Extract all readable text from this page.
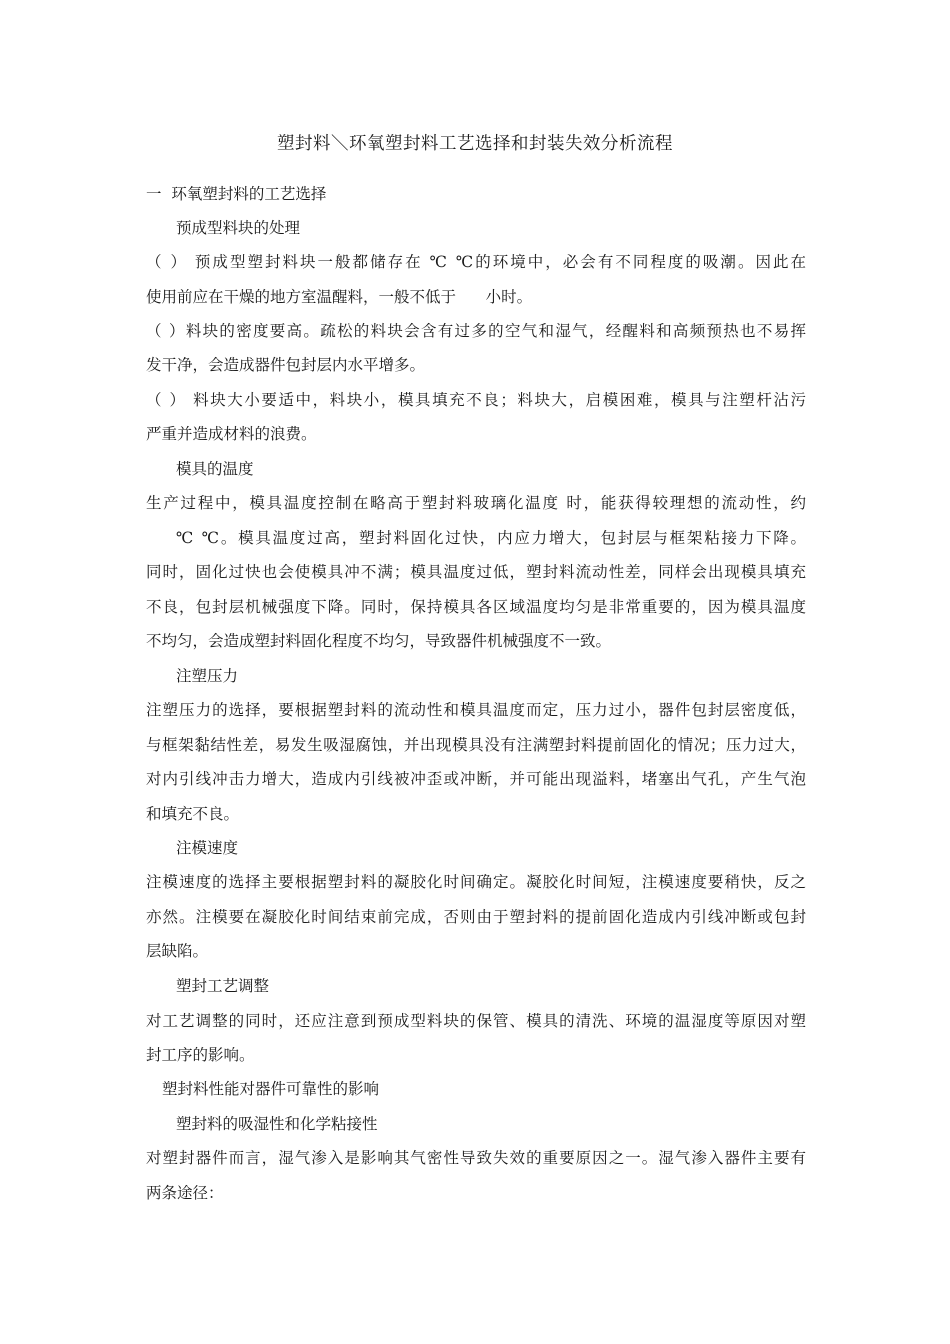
塑封料＼环氧塑封料工艺选择和封装失效分析流程
一  环氧塑封料的工艺选择
预成型料块的处理
（ ） 预成型塑封料块一般都储存在 ℃ ℃的环境中，必会有不同程度的吸潮。因此在
使用前应在干燥的地方室温醒料，一般不低于      小时。
（ ）料块的密度要高。疏松的料块会含有过多的空气和湿气，经醒料和高频预热也不易挥
发干净，会造成器件包封层内水平增多。
（ ） 料块大小要适中，料块小，模具填充不良；料块大，启模困难，模具与注塑杆沾污
严重并造成材料的浪费。
模具的温度
生产过程中，模具温度控制在略高于塑封料玻璃化温度 时，能获得较理想的流动性，约
℃ ℃。模具温度过高，塑封料固化过快，内应力增大，包封层与框架粘接力下降。
同时，固化过快也会使模具冲不满；模具温度过低，塑封料流动性差，同样会出现模具填充
不良，包封层机械强度下降。同时，保持模具各区域温度均匀是非常重要的，因为模具温度
不均匀，会造成塑封料固化程度不均匀，导致器件机械强度不一致。
注塑压力
注塑压力的选择，要根据塑封料的流动性和模具温度而定，压力过小，器件包封层密度低，
与框架黏结性差，易发生吸湿腐蚀，并出现模具没有注满塑封料提前固化的情况；压力过大，
对内引线冲击力增大，造成内引线被冲歪或冲断，并可能出现溢料，堵塞出气孔，产生气泡
和填充不良。
注模速度
注模速度的选择主要根据塑封料的凝胶化时间确定。凝胶化时间短，注模速度要稍快，反之
亦然。注模要在凝胶化时间结束前完成，否则由于塑封料的提前固化造成内引线冲断或包封
层缺陷。
塑封工艺调整
对工艺调整的同时，还应注意到预成型料块的保管、模具的清洗、环境的温湿度等原因对塑
封工序的影响。
塑封料性能对器件可靠性的影响
塑封料的吸湿性和化学粘接性
对塑封器件而言，湿气渗入是影响其气密性导致失效的重要原因之一。湿气渗入器件主要有
两条途径：
